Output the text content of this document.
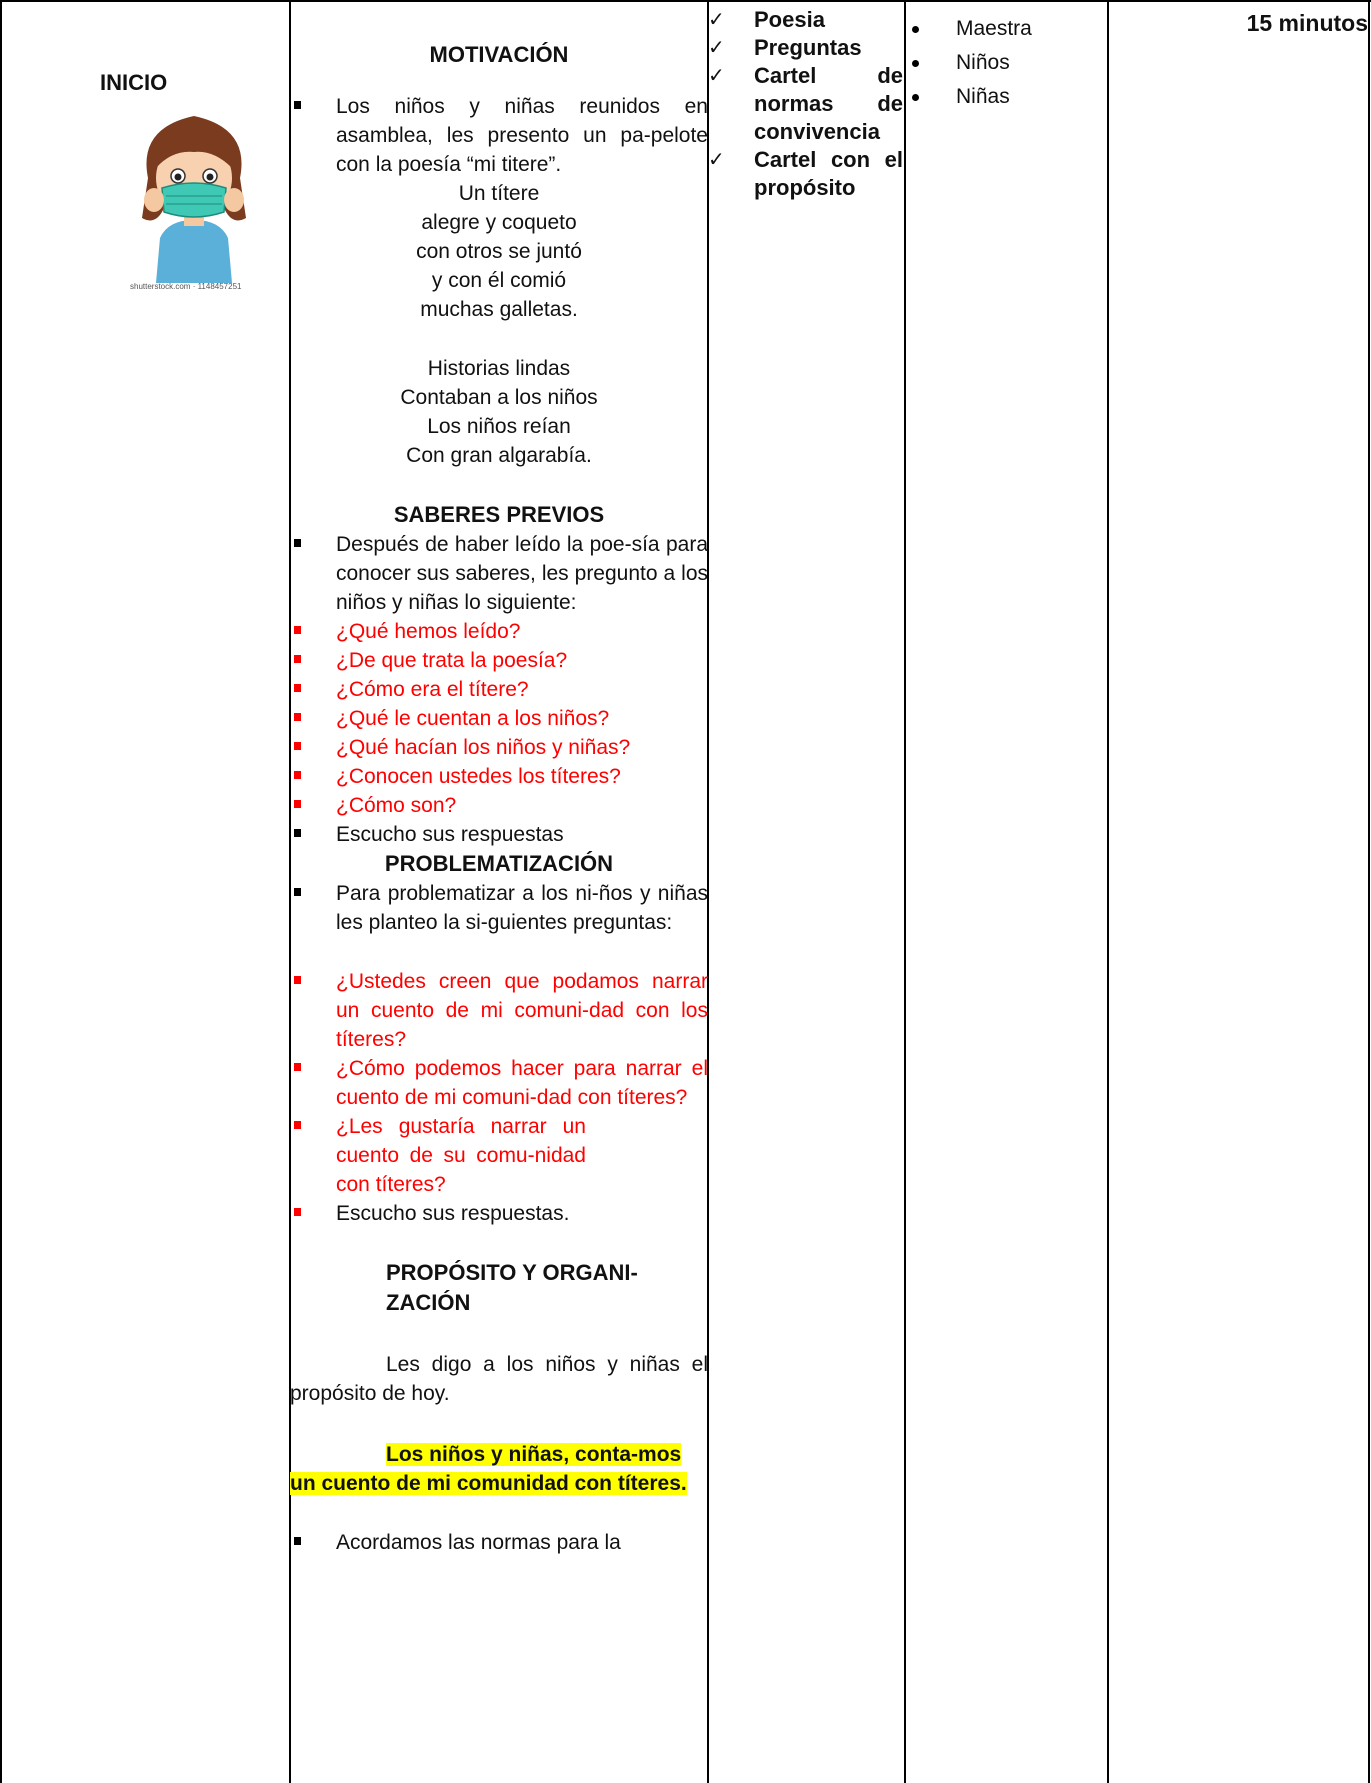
INICIO
shutterstock.com · 1148457251
MOTIVACIÓN
Los niños y niñas reunidos en asamblea, les presento un pa-pelote con la poesía “mi titere”.
Un títere
alegre y coqueto
con otros se juntó
y con él comió
muchas galletas.
Historias lindas
Contaban a los niños
Los niños reían
Con gran algarabía.
SABERES PREVIOS
Después de haber leído la poe-sía para conocer sus saberes, les pregunto a los niños y niñas lo siguiente:
¿Qué hemos leído?
¿De que trata la poesía?
¿Cómo era el títere?
¿Qué le cuentan a los niños?
¿Qué hacían los niños y niñas?
¿Conocen ustedes los títeres?
¿Cómo son?
Escucho sus respuestas
PROBLEMATIZACIÓN
Para problematizar a los ni-ños y niñas les planteo la si-guientes preguntas:
¿Ustedes creen que podamos narrar un cuento de mi comuni-dad con los títeres?
¿Cómo podemos hacer para narrar el cuento de mi comuni-dad con títeres?
¿Les gustaría narrar un cuento de su comu-nidad con títeres?
Escucho sus respuestas.
PROPÓSITO Y ORGANI-ZACIÓN
Les digo a los niños y niñas el propósito de hoy.
Los niños y niñas, conta-mos un cuento de mi comunidad con títeres.
Acordamos las normas para la
✓ Poesia
✓ Preguntas
✓ Cartel de normas de convivencia
✓ Cartel con el propósito
Maestra
Niños
Niñas
15 minutos
